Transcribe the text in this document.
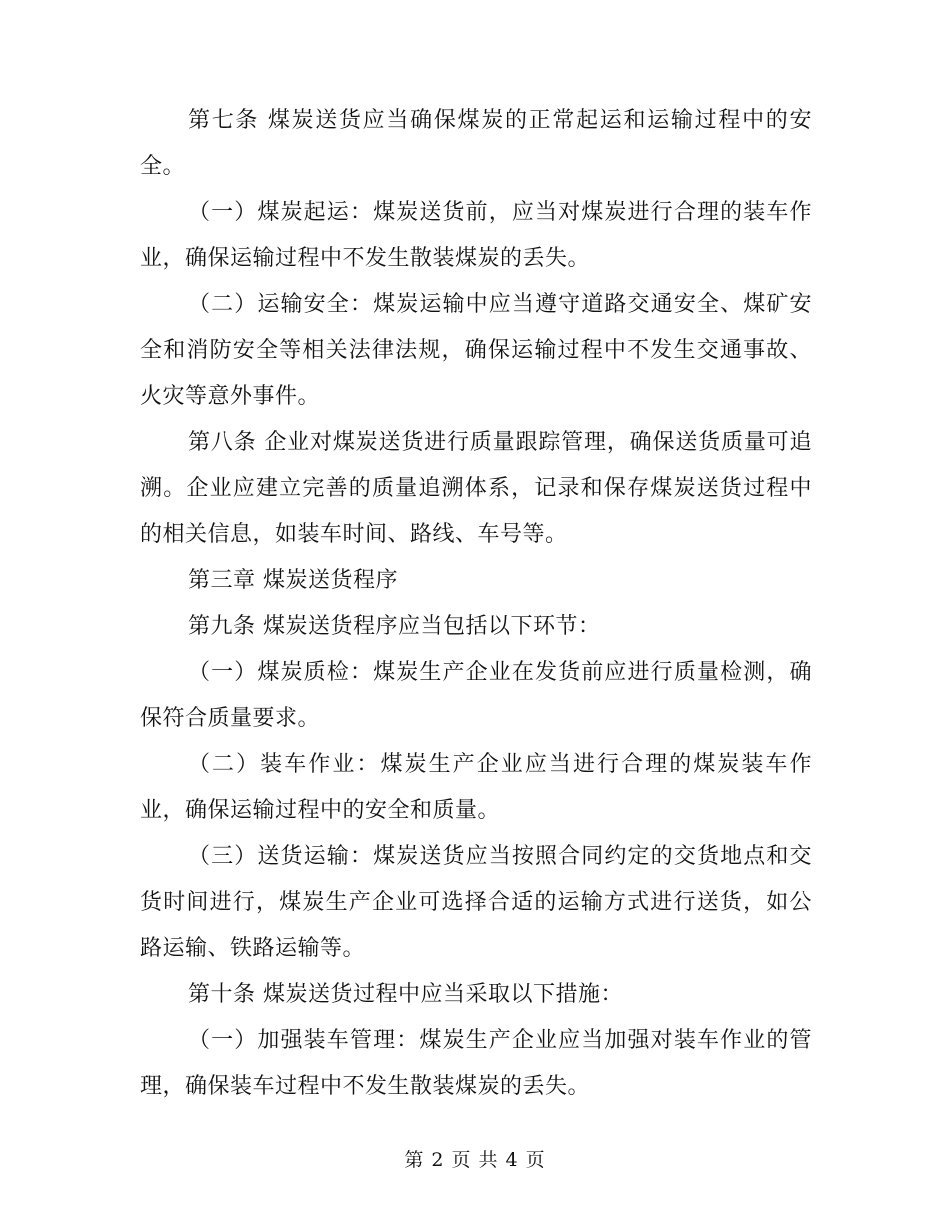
第七条 煤炭送货应当确保煤炭的正常起运和运输过程中的安全。

（一）煤炭起运：煤炭送货前，应当对煤炭进行合理的装车作业，确保运输过程中不发生散装煤炭的丢失。

（二）运输安全：煤炭运输中应当遵守道路交通安全、煤矿安全和消防安全等相关法律法规，确保运输过程中不发生交通事故、火灾等意外事件。

第八条 企业对煤炭送货进行质量跟踪管理，确保送货质量可追溯。企业应建立完善的质量追溯体系，记录和保存煤炭送货过程中的相关信息，如装车时间、路线、车号等。

第三章 煤炭送货程序

第九条 煤炭送货程序应当包括以下环节：

（一）煤炭质检：煤炭生产企业在发货前应进行质量检测，确保符合质量要求。

（二）装车作业：煤炭生产企业应当进行合理的煤炭装车作业，确保运输过程中的安全和质量。

（三）送货运输：煤炭送货应当按照合同约定的交货地点和交货时间进行，煤炭生产企业可选择合适的运输方式进行送货，如公路运输、铁路运输等。

第十条 煤炭送货过程中应当采取以下措施：

（一）加强装车管理：煤炭生产企业应当加强对装车作业的管理，确保装车过程中不发生散装煤炭的丢失。

第 2 页 共 4 页
